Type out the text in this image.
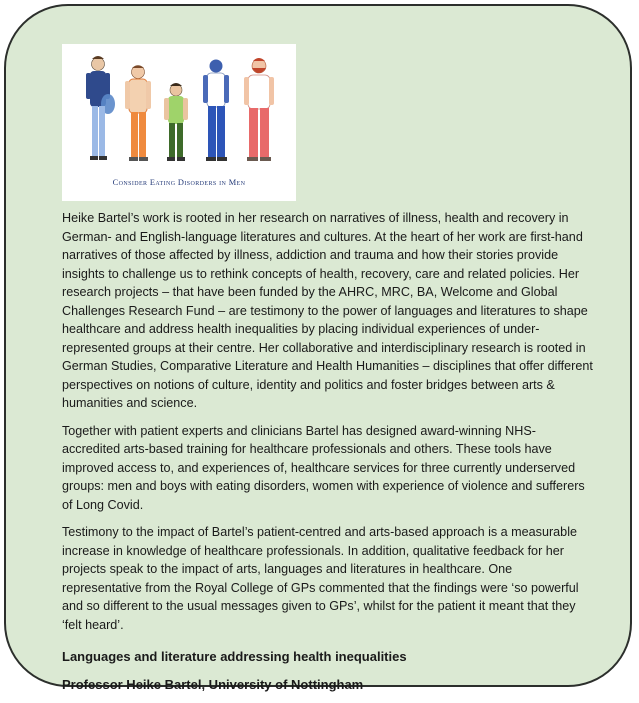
Consider Eating Disorders in Men

Heike Bartel’s work is rooted in her research on narratives of illness, health and recovery in German- and English-language literatures and cultures. At the heart of her work are first-hand narratives of those affected by illness, addiction and trauma and how their stories provide insights to challenge us to rethink concepts of health, recovery, care and related policies. Her research projects – that have been funded by the AHRC, MRC, BA, Welcome and Global Challenges Research Fund – are testimony to the power of languages and literatures to shape healthcare and address health inequalities by placing individual experiences of under-represented groups at their centre. Her collaborative and interdisciplinary research is rooted in German Studies, Comparative Literature and Health Humanities – disciplines that offer different perspectives on notions of culture, identity and politics and foster bridges between arts & humanities and science.

Together with patient experts and clinicians Bartel has designed award-winning NHS-accredited arts-based training for healthcare professionals and others. These tools have improved access to, and experiences of, healthcare services for three currently underserved groups: men and boys with eating disorders, women with experience of violence and sufferers of Long Covid.

Testimony to the impact of Bartel’s patient-centred and arts-based approach is a measurable increase in knowledge of healthcare professionals. In addition, qualitative feedback for her projects speak to the impact of arts, languages and literatures in healthcare. One representative from the Royal College of GPs commented that the findings were ‘so powerful and so different to the usual messages given to GPs’, whilst for the patient it meant that they ‘felt heard’.

Languages and literature addressing health inequalities

Professor Heike Bartel, University of Nottingham
